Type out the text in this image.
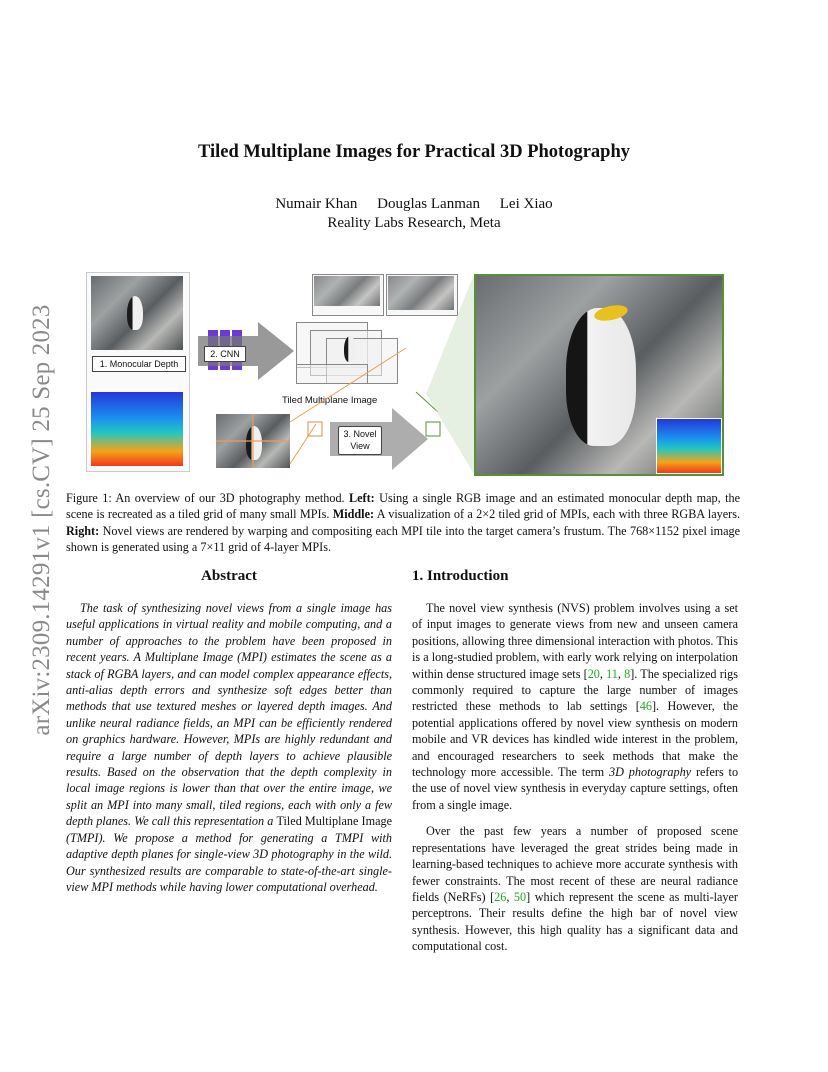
arXiv:2309.14291v1 [cs.CV] 25 Sep 2023
Tiled Multiplane Images for Practical 3D Photography
Numair Khan Douglas Lanman Lei Xiao
Reality Labs Research, Meta
1. Monocular Depth
2. CNN
Tiled Multiplane Image
3. Novel
View
Figure 1: An overview of our 3D photography method. Left: Using a single RGB image and an estimated monocular depth map, the scene is recreated as a tiled grid of many small MPIs. Middle: A visualization of a 2×2 tiled grid of MPIs, each with three RGBA layers. Right: Novel views are rendered by warping and compositing each MPI tile into the target camera’s frustum. The 768×1152 pixel image shown is generated using a 7×11 grid of 4-layer MPIs.
Abstract
The task of synthesizing novel views from a single image has useful applications in virtual reality and mobile computing, and a number of approaches to the problem have been proposed in recent years. A Multiplane Image (MPI) estimates the scene as a stack of RGBA layers, and can model complex appearance effects, anti-alias depth errors and synthesize soft edges better than methods that use textured meshes or layered depth images. And unlike neural radiance fields, an MPI can be efficiently rendered on graphics hardware. However, MPIs are highly redundant and require a large number of depth layers to achieve plausible results. Based on the observation that the depth complexity in local image regions is lower than that over the entire image, we split an MPI into many small, tiled regions, each with only a few depth planes. We call this representation a Tiled Multiplane Image (TMPI). We propose a method for generating a TMPI with adaptive depth planes for single-view 3D photography in the wild. Our synthesized results are comparable to state-of-the-art single-view MPI methods while having lower computational overhead.
1. Introduction

The novel view synthesis (NVS) problem involves using a set of input images to generate views from new and unseen camera positions, allowing three dimensional interaction with photos. This is a long-studied problem, with early work relying on interpolation within dense structured image sets [20, 11, 8]. The specialized rigs commonly required to capture the large number of images restricted these methods to lab settings [46]. However, the potential applications offered by novel view synthesis on modern mobile and VR devices has kindled wide interest in the problem, and encouraged researchers to seek methods that make the technology more accessible. The term 3D photography refers to the use of novel view synthesis in everyday capture settings, often from a single image.

Over the past few years a number of proposed scene representations have leveraged the great strides being made in learning-based techniques to achieve more accurate synthesis with fewer constraints. The most recent of these are neural radiance fields (NeRFs) [26, 50] which represent the scene as multi-layer perceptrons. Their results define the high bar of novel view synthesis. However, this high quality has a significant data and computational cost.
